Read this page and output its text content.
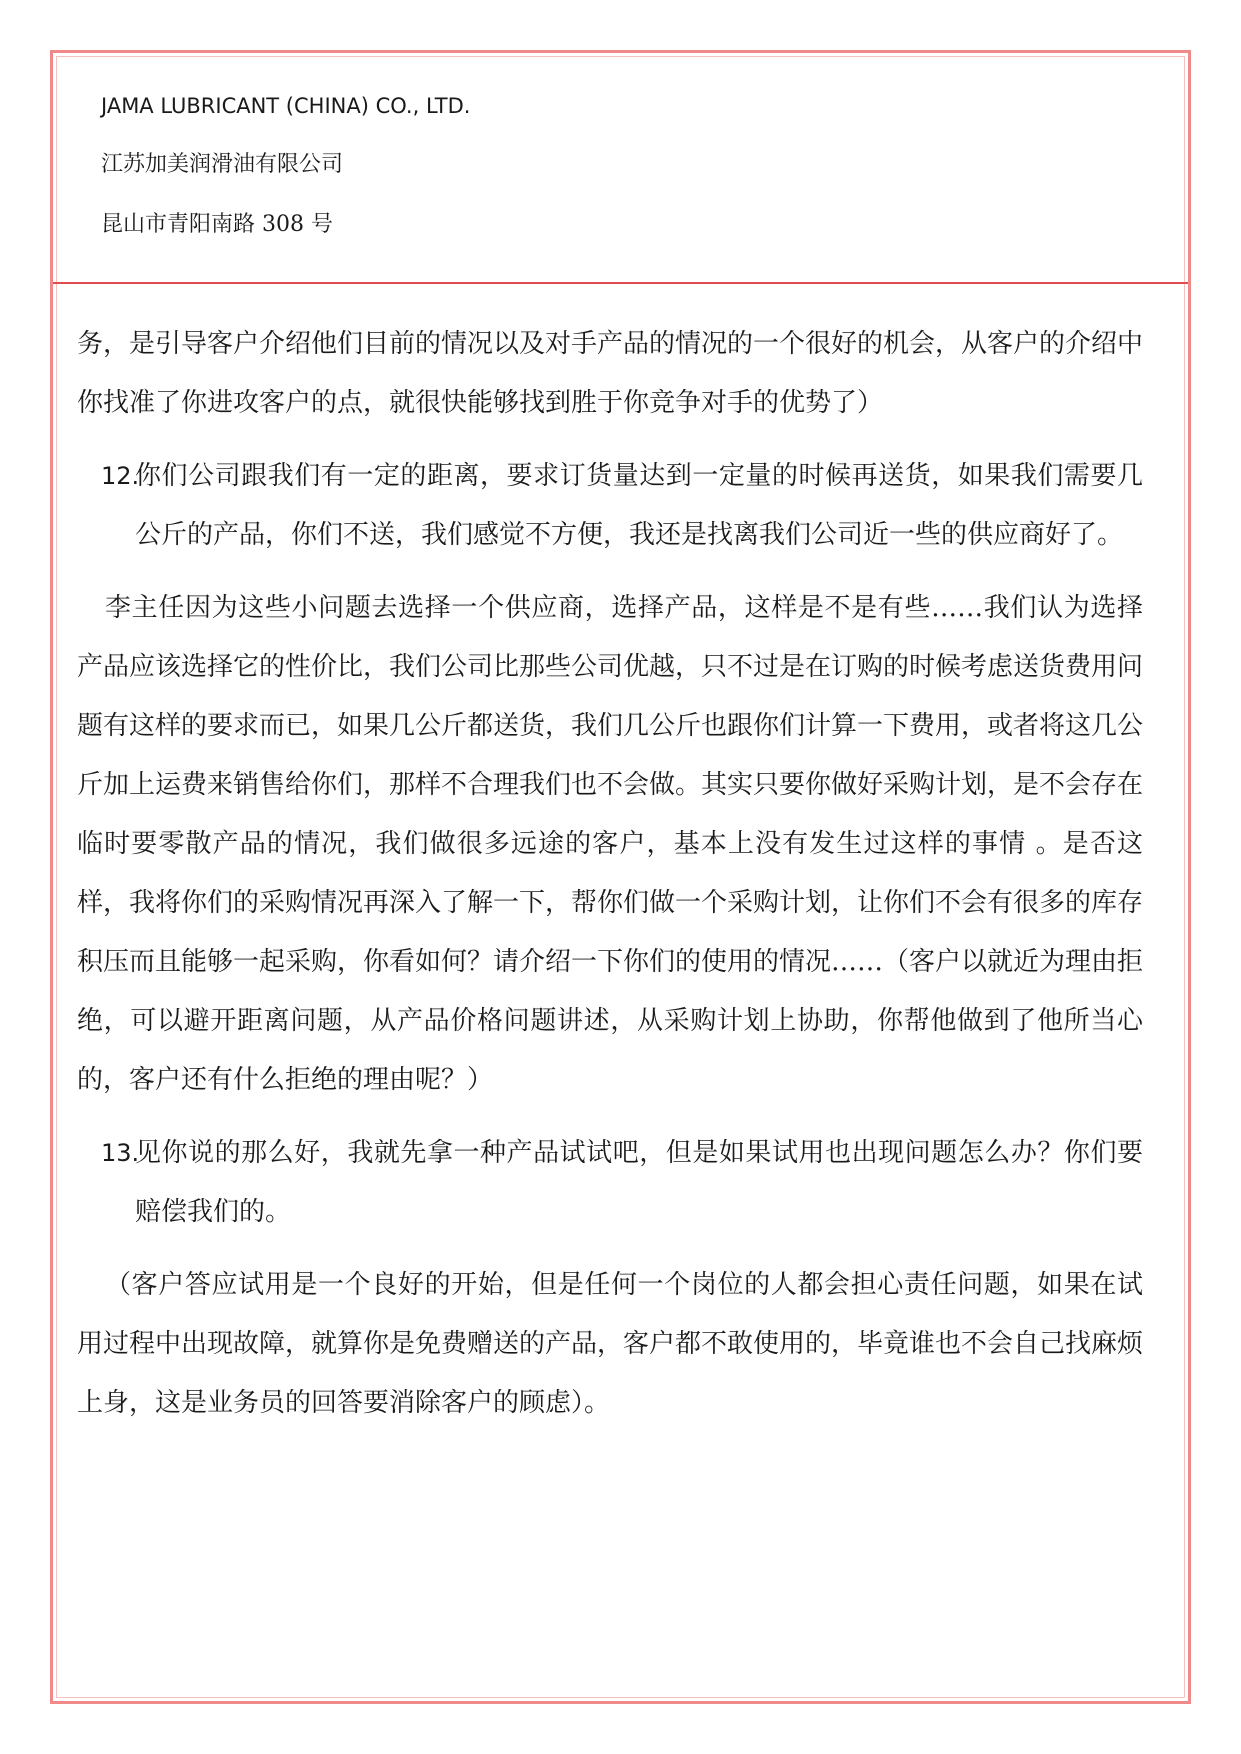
JAMA LUBRICANT (CHINA) CO., LTD.
江苏加美润滑油有限公司
昆山市青阳南路 308 号

务，是引导客户介绍他们目前的情况以及对手产品的情况的一个很好的机会，从客户的介绍中你找准了你进攻客户的点，就很快能够找到胜于你竞争对手的优势了）

12.
你们公司跟我们有一定的距离，要求订货量达到一定量的时候再送货，如果我们需要几公斤的产品，你们不送，我们感觉不方便，我还是找离我们公司近一些的供应商好了。

李主任因为这些小问题去选择一个供应商，选择产品，这样是不是有些……我们认为选择产品应该选择它的性价比，我们公司比那些公司优越，只不过是在订购的时候考虑送货费用问题有这样的要求而已，如果几公斤都送货，我们几公斤也跟你们计算一下费用，或者将这几公斤加上运费来销售给你们，那样不合理我们也不会做。其实只要你做好采购计划，是不会存在临时要零散产品的情况，我们做很多远途的客户，基本上没有发生过这样的事情 。是否这样，我将你们的采购情况再深入了解一下，帮你们做一个采购计划，让你们不会有很多的库存积压而且能够一起采购，你看如何？请介绍一下你们的使用的情况……（客户以就近为理由拒绝，可以避开距离问题，从产品价格问题讲述，从采购计划上协助，你帮他做到了他所当心的，客户还有什么拒绝的理由呢？）

13.
见你说的那么好，我就先拿一种产品试试吧，但是如果试用也出现问题怎么办？你们要赔偿我们的。

（客户答应试用是一个良好的开始，但是任何一个岗位的人都会担心责任问题，如果在试用过程中出现故障，就算你是免费赠送的产品，客户都不敢使用的，毕竟谁也不会自己找麻烦上身，这是业务员的回答要消除客户的顾虑）。
